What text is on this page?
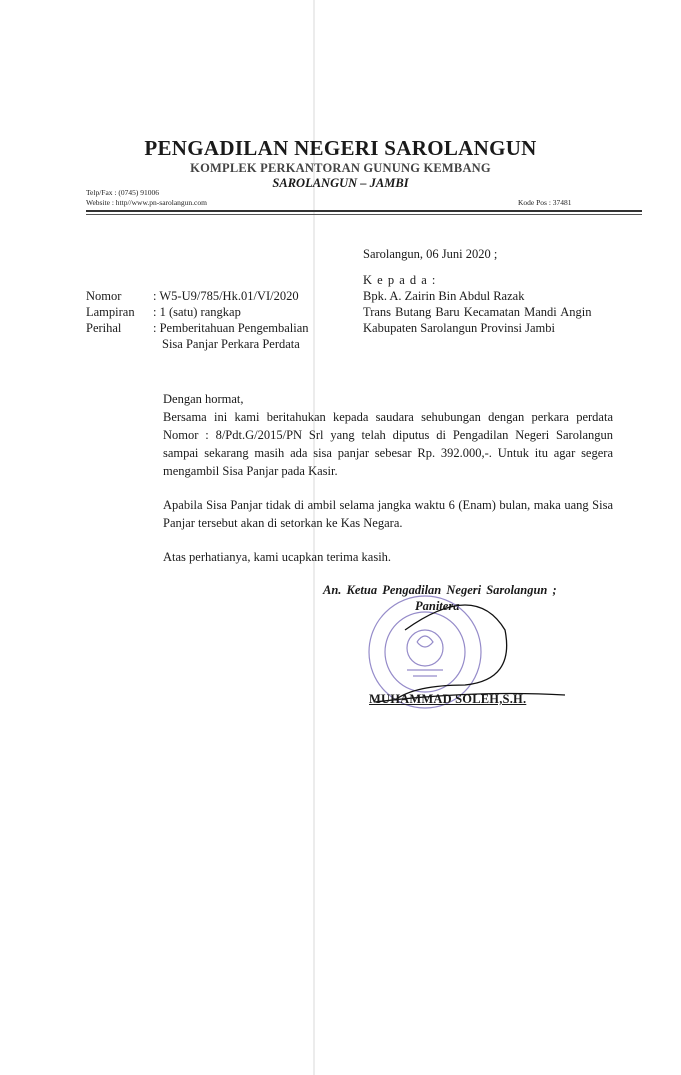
PENGADILAN NEGERI SAROLANGUN
KOMPLEK PERKANTORAN GUNUNG KEMBANG
SAROLANGUN – JAMBI
Telp/Fax : (0745) 91006
Website : http//www.pn-sarolangun.com	Kode Pos : 37481
Sarolangun, 06 Juni 2020 ;
K e p a d a :
Bpk. A. Zairin Bin Abdul Razak
Trans Butang Baru Kecamatan Mandi Angin
Kabupaten Sarolangun Provinsi Jambi
Nomor	: W5-U9/785/Hk.01/VI/2020
Lampiran : 1 (satu) rangkap
Perihal	: Pemberitahuan Pengembalian
Sisa Panjar Perkara Perdata
Dengan hormat,
Bersama ini kami beritahukan kepada saudara sehubungan dengan perkara perdata Nomor : 8/Pdt.G/2015/PN Srl yang telah diputus di Pengadilan Negeri Sarolangun sampai sekarang masih ada sisa panjar sebesar Rp. 392.000,-. Untuk itu agar segera mengambil Sisa Panjar pada Kasir.
Apabila Sisa Panjar tidak di ambil selama jangka waktu 6 (Enam) bulan, maka uang Sisa Panjar tersebut akan di setorkan ke Kas Negara.
Atas perhatianya, kami ucapkan terima kasih.
An. Ketua Pengadilan Negeri Sarolangun ;
Panitera
MUHAMMAD SOLEH,S.H.
